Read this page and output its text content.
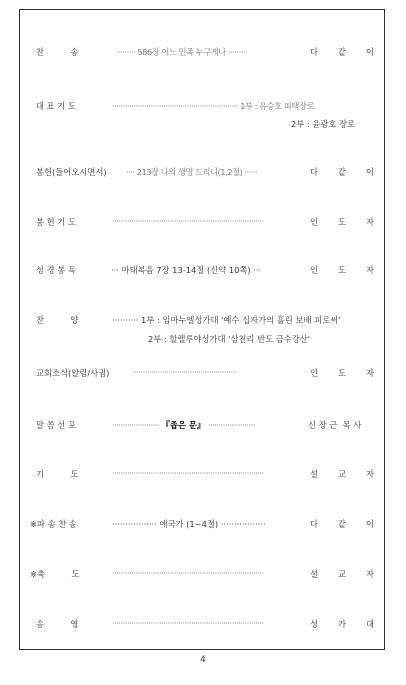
찬          송	········· 586장 어느 민족 누구게나 ·········	다 같 이
대 표 기 도	··························································· 1부 : 유승호 피택장로
2부 : 윤광호 장로
봉헌(들어오시면서) ···· 213장 나의 생명 드리니(1,2절) ······	다 같 이
봉 헌 기 도	·······································································	인 도 자
성 경 봉 독	··· 마태복음 7장 13-14절 (신약 10쪽) ···	인 도 자
찬          양	·········· 1부 : 임마누엘성가대 '예수 십자가의 흘린 보배 피로써'
2부 : 할렐루야성가대 '삼천리 반도 금수강산'
교회소식(알림/사귐)	·················································	인 도 자
말 씀 선 포	······················ 『좁은 문』 ······················	신 장 근  목 사
기          도	·······································································	설 교 자
※파 송 찬 송	················· 애국가 (1~4절) ·················	다 같 이
※축          도	·······································································	설 교 자
송          영	·······································································	성 가 대
4
